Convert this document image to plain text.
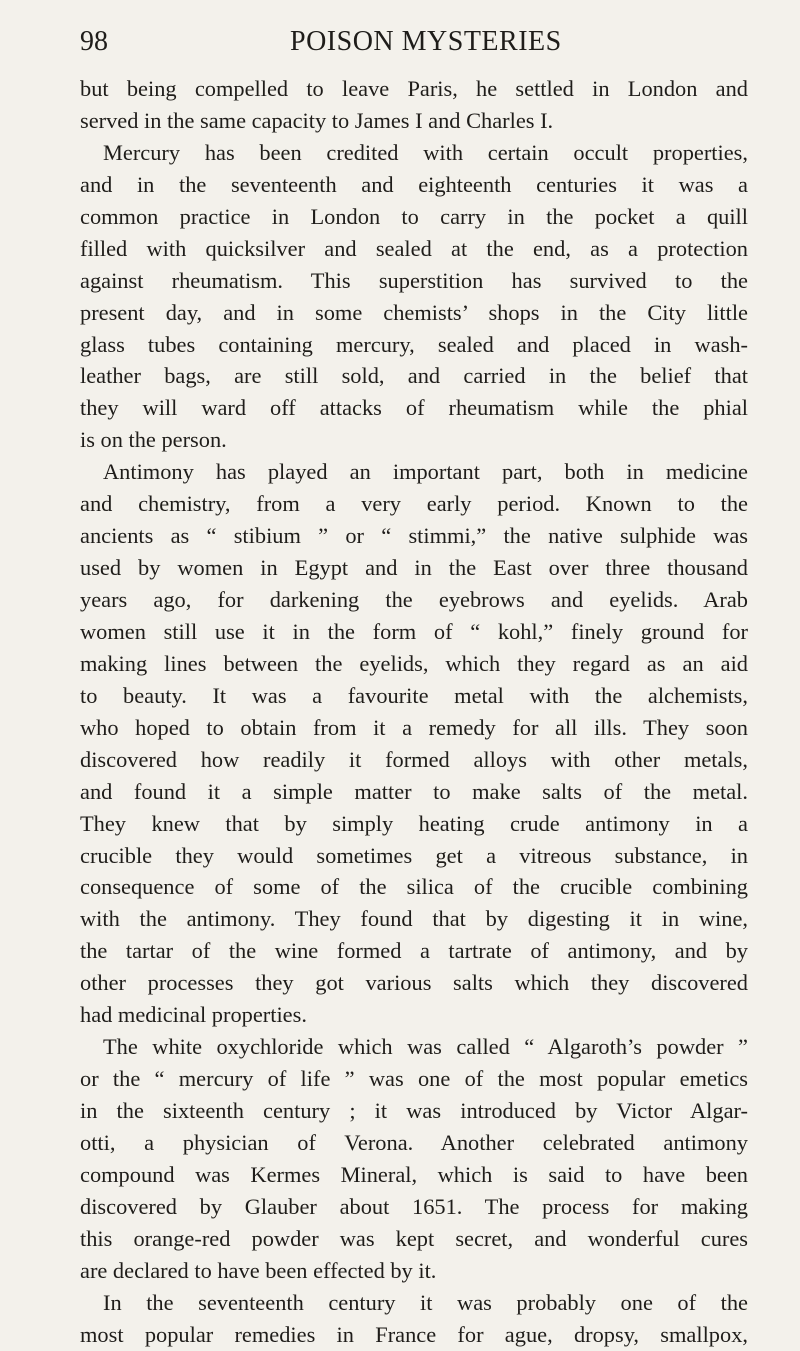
98	POISON MYSTERIES
but being compelled to leave Paris, he settled in London and
served in the same capacity to James I and Charles I.
Mercury has been credited with certain occult properties,
and in the seventeenth and eighteenth centuries it was a
common practice in London to carry in the pocket a quill
filled with quicksilver and sealed at the end, as a protection
against rheumatism. This superstition has survived to the
present day, and in some chemists’ shops in the City little
glass tubes containing mercury, sealed and placed in wash-
leather bags, are still sold, and carried in the belief that
they will ward off attacks of rheumatism while the phial
is on the person.
Antimony has played an important part, both in medicine
and chemistry, from a very early period. Known to the
ancients as “ stibium ” or “ stimmi,” the native sulphide was
used by women in Egypt and in the East over three thousand
years ago, for darkening the eyebrows and eyelids. Arab
women still use it in the form of “ kohl,” finely ground for
making lines between the eyelids, which they regard as an aid
to beauty. It was a favourite metal with the alchemists,
who hoped to obtain from it a remedy for all ills. They soon
discovered how readily it formed alloys with other metals,
and found it a simple matter to make salts of the metal.
They knew that by simply heating crude antimony in a
crucible they would sometimes get a vitreous substance, in
consequence of some of the silica of the crucible combining
with the antimony. They found that by digesting it in wine,
the tartar of the wine formed a tartrate of antimony, and by
other processes they got various salts which they discovered
had medicinal properties.
The white oxychloride which was called “ Algaroth’s powder ”
or the “ mercury of life ” was one of the most popular emetics
in the sixteenth century ; it was introduced by Victor Algar-
otti, a physician of Verona. Another celebrated antimony
compound was Kermes Mineral, which is said to have been
discovered by Glauber about 1651. The process for making
this orange-red powder was kept secret, and wonderful cures
are declared to have been effected by it.
In the seventeenth century it was probably one of the
most popular remedies in France for ague, dropsy, smallpox,
